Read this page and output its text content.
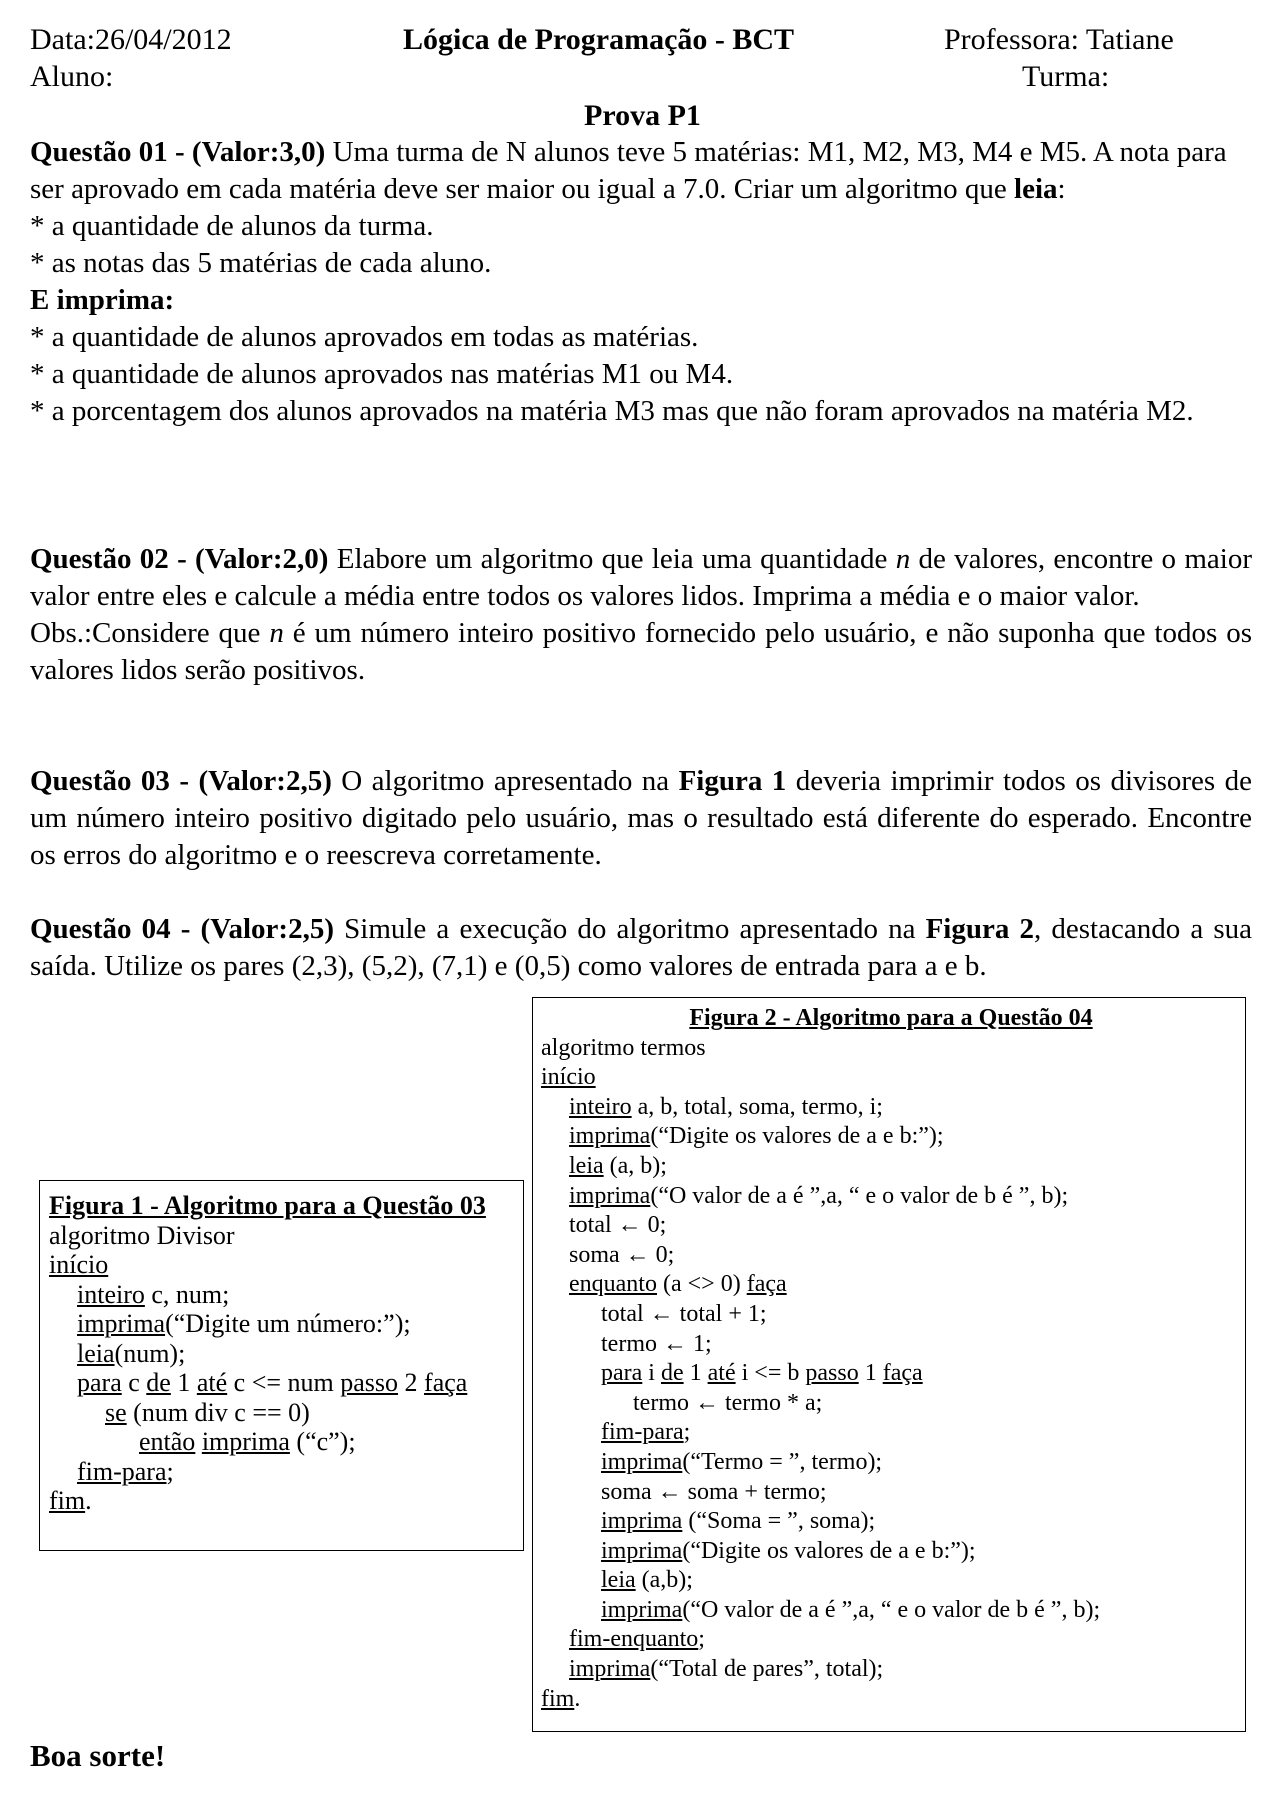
Data:26/04/2012	Lógica de Programação - BCT	Professora: Tatiane
Aluno:	Turma:
Prova P1

Questão 01 - (Valor:3,0) Uma turma de N alunos teve 5 matérias: M1, M2, M3, M4 e M5. A nota para ser aprovado em cada matéria deve ser maior ou igual a 7.0. Criar um algoritmo que leia:

* a quantidade de alunos da turma.

* as notas das 5 matérias de cada aluno.

E imprima:

* a quantidade de alunos aprovados em todas as matérias.

* a quantidade de alunos aprovados nas matérias M1 ou M4.

* a porcentagem dos alunos aprovados na matéria M3 mas que não foram aprovados na matéria M2.

Questão 02 - (Valor:2,0) Elabore um algoritmo que leia uma quantidade n de valores, encontre o maior valor entre eles e calcule a média entre todos os valores lidos. Imprima a média e o maior valor.

Obs.:Considere que n é um número inteiro positivo fornecido pelo usuário, e não suponha que todos os valores lidos serão positivos.

Questão 03 - (Valor:2,5) O algoritmo apresentado na Figura 1 deveria imprimir todos os divisores de um número inteiro positivo digitado pelo usuário, mas o resultado está diferente do esperado. Encontre os erros do algoritmo e o reescreva corretamente.

Questão 04 - (Valor:2,5) Simule a execução do algoritmo apresentado na Figura 2, destacando a sua saída. Utilize os pares (2,3), (5,2), (7,1) e (0,5) como valores de entrada para a e b.

Figura 1 - Algoritmo para a Questão 03
algoritmo Divisor
início
inteiro c, num;
imprima(“Digite um número:”);
leia(num);
para c de 1 até c <= num passo 2 faça
se (num div c == 0)
então imprima (“c”);
fim-para;
fim.
Figura 2 - Algoritmo para a Questão 04
algoritmo termos
início
inteiro a, b, total, soma, termo, i;
imprima(“Digite os valores de a e b:”);
leia (a, b);
imprima(“O valor de a é ”,a, “ e o valor de b é ”, b);
total ← 0;
soma ← 0;
enquanto (a <> 0) faça
total ← total + 1;
termo ← 1;
para i de 1 até i <= b passo 1 faça
termo ← termo * a;
fim-para;
imprima(“Termo = ”, termo);
soma ← soma + termo;
imprima (“Soma = ”, soma);
imprima(“Digite os valores de a e b:”);
leia (a,b);
imprima(“O valor de a é ”,a, “ e o valor de b é ”, b);
fim-enquanto;
imprima(“Total de pares”, total);
fim.
Boa sorte!
